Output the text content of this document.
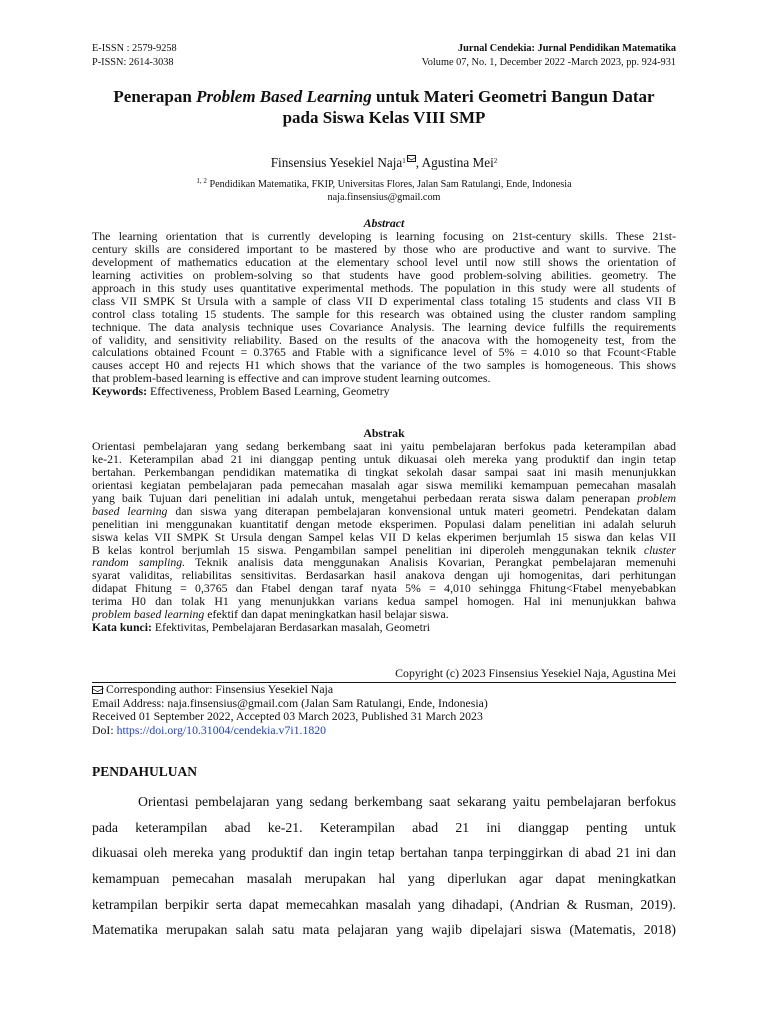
E-ISSN : 2579-9258
P-ISSN: 2614-3038
Jurnal Cendekia: Jurnal Pendidikan Matematika
Volume 07, No. 1, December 2022 -March 2023, pp. 924-931
Penerapan Problem Based Learning untuk Materi Geometri Bangun Datar
pada Siswa Kelas VIII SMP
Finsensius Yesekiel Naja$^1$ , Agustina Mei$^2$
$^{1, 2}$ Pendidikan Matematika, FKIP, Universitas Flores, Jalan Sam Ratulangi, Ende, Indonesia
naja.finsensius@gmail.com
Abstract
The learning orientation that is currently developing is learning focusing on 21st-century skills. These 21st-
century skills are considered important to be mastered by those who are productive and want to survive. The
development of mathematics education at the elementary school level until now still shows the orientation of
learning activities on problem-solving so that students have good problem-solving abilities. geometry. The
approach in this study uses quantitative experimental methods. The population in this study were all students of
class VII SMPK St Ursula with a sample of class VII D experimental class totaling 15 students and class VII B
control class totaling 15 students. The sample for this research was obtained using the cluster random sampling
technique. The data analysis technique uses Covariance Analysis. The learning device fulfills the requirements
of validity, and sensitivity reliability. Based on the results of the anacova with the homogeneity test, from the
calculations obtained Fcount = 0.3765 and Ftable with a significance level of 5% = 4.010 so that Fcount<Ftable
causes accept H0 and rejects H1 which shows that the variance of the two samples is homogeneous. This shows
that problem-based learning is effective and can improve student learning outcomes.
Keywords: Effectiveness, Problem Based Learning, Geometry
Abstrak
Orientasi pembelajaran yang sedang berkembang saat ini yaitu pembelajaran berfokus pada keterampilan abad
ke-21. Keterampilan abad 21 ini dianggap penting untuk dikuasai oleh mereka yang produktif dan ingin tetap
bertahan. Perkembangan pendidikan matematika di tingkat sekolah dasar sampai saat ini masih menunjukkan
orientasi kegiatan pembelajaran pada pemecahan masalah agar siswa memiliki kemampuan pemecahan masalah
yang baik Tujuan dari penelitian ini adalah untuk, mengetahui perbedaan rerata siswa dalam penerapan problem
based learning dan siswa yang diterapan pembelajaran konvensional untuk materi geometri. Pendekatan dalam
penelitian ini menggunakan kuantitatif dengan metode eksperimen. Populasi dalam penelitian ini adalah seluruh
siswa kelas VII SMPK St Ursula dengan Sampel kelas VII D kelas ekperimen berjumlah 15 siswa dan kelas VII
B kelas kontrol berjumlah 15 siswa. Pengambilan sampel penelitian ini diperoleh menggunakan teknik cluster
random sampling. Teknik analisis data menggunakan Analisis Kovarian, Perangkat pembelajaran memenuhi
syarat validitas, reliabilitas sensitivitas. Berdasarkan hasil anakova dengan uji homogenitas, dari perhitungan
didapat Fhitung = 0,3765 dan Ftabel dengan taraf nyata 5% = 4,010 sehingga Fhitung<Ftabel menyebabkan
terima H0 dan tolak H1 yang menunjukkan varians kedua sampel homogen. Hal ini menunjukkan bahwa
problem based learning efektif dan dapat meningkatkan hasil belajar siswa.
Kata kunci: Efektivitas, Pembelajaran Berdasarkan masalah, Geometri
Copyright (c) 2023 Finsensius Yesekiel Naja, Agustina Mei
Corresponding author: Finsensius Yesekiel Naja
Email Address: naja.finsensius@gmail.com (Jalan Sam Ratulangi, Ende, Indonesia)
Received 01 September 2022, Accepted 03 March 2023, Published 31 March 2023
DoI: https://doi.org/10.31004/cendekia.v7i1.1820
PENDAHULUAN
Orientasi pembelajaran yang sedang berkembang saat sekarang yaitu pembelajaran berfokus
pada keterampilan abad ke-21. Keterampilan abad 21 ini dianggap penting untuk
dikuasai oleh mereka yang produktif dan ingin tetap bertahan tanpa terpinggirkan di abad 21 ini dan
kemampuan pemecahan masalah merupakan hal yang diperlukan agar dapat meningkatkan
ketrampilan berpikir serta dapat memecahkan masalah yang dihadapi, (Andrian & Rusman, 2019).
Matematika merupakan salah satu mata pelajaran yang wajib dipelajari siswa (Matematis, 2018)
